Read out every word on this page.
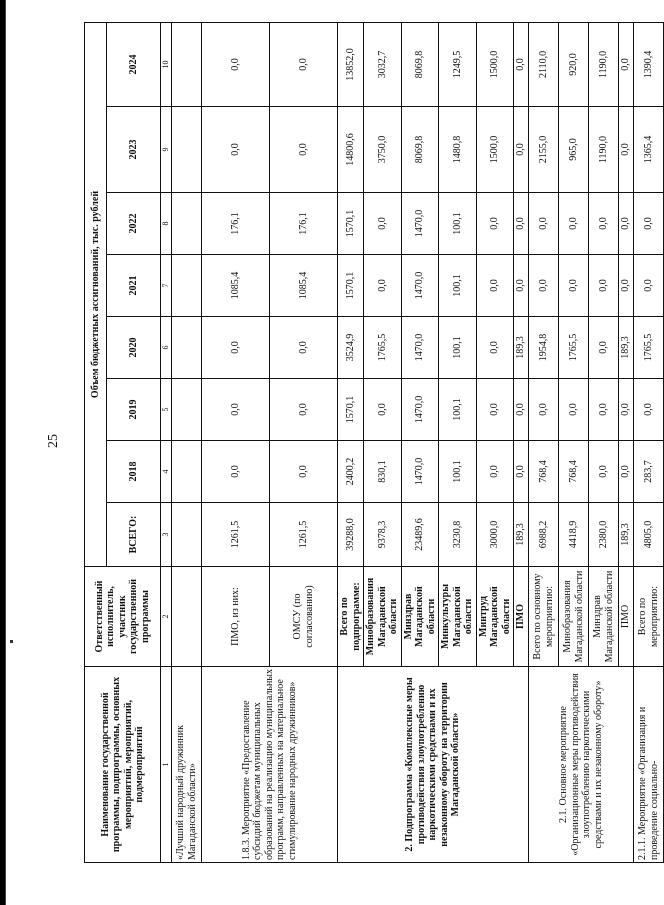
25
Наименование государственной программы, подпрограммы, основных мероприятий, мероприятий, подмероприятий	Ответственный исполнитель, участник государственной программы	Объем бюджетных ассигнований, тыс. рублей							
		ВСЕГО:	2018	2019	2020	2021	2022	2023	2024
1	2	3	4	5	6	7	8	9	10
«Лучший народный дружинник Магаданской области»									
1.8.3. Мероприятие «Предоставление субсидий бюджетам муниципальных образований на реализацию муниципальных программ, направленных на материальное стимулирование народных дружинников»	ПМО, из них:	1261,5	0,0	0,0	0,0	1085,4	176,1	0,0	0,0
	ОМСУ (по согласованию)	1261,5	0,0	0,0	0,0	1085,4	176,1	0,0	0,0
2. Подпрограмма «Комплексные меры противодействия злоупотреблению наркотическими средствами и их незаконному обороту на территории Магаданской области»	Всего по подпрограмме:	39288,0	2400,2	1570,1	3524,9	1570,1	1570,1	14800,6	13852,0
	Минобразования Магаданской области	9378,3	830,1	0,0	1765,5	0,0	0,0	3750,0	3032,7
	Минздрав Магаданской области	23489,6	1470,0	1470,0	1470,0	1470,0	1470,0	8069,8	8069,8
	Минкультуры Магаданской области	3230,8	100,1	100,1	100,1	100,1	100,1	1480,8	1249,5
	Минтруд Магаданской области	3000,0	0,0	0,0	0,0	0,0	0,0	1500,0	1500,0
	ПМО	189,3	0,0	0,0	189,3	0,0	0,0	0,0	0,0
2.1. Основное мероприятие «Организационные меры противодействия злоупотреблению наркотическими средствами и их незаконному обороту»	Всего по основному мероприятию:	6988,2	768,4	0,0	1954,8	0,0	0,0	2155,0	2110,0
	Минобразования Магаданской области	4418,9	768,4	0,0	1765,5	0,0	0,0	965,0	920,0
	Минздрав Магаданской области	2380,0	0,0	0,0	0,0	0,0	0,0	1190,0	1190,0
	ПМО	189,3	0,0	0,0	189,3	0,0	0,0	0,0	0,0
2.1.1. Мероприятие «Организация и проведение социально-	Всего по мероприятию:	4805,0	283,7	0,0	1765,5	0,0	0,0	1365,4	1390,4
